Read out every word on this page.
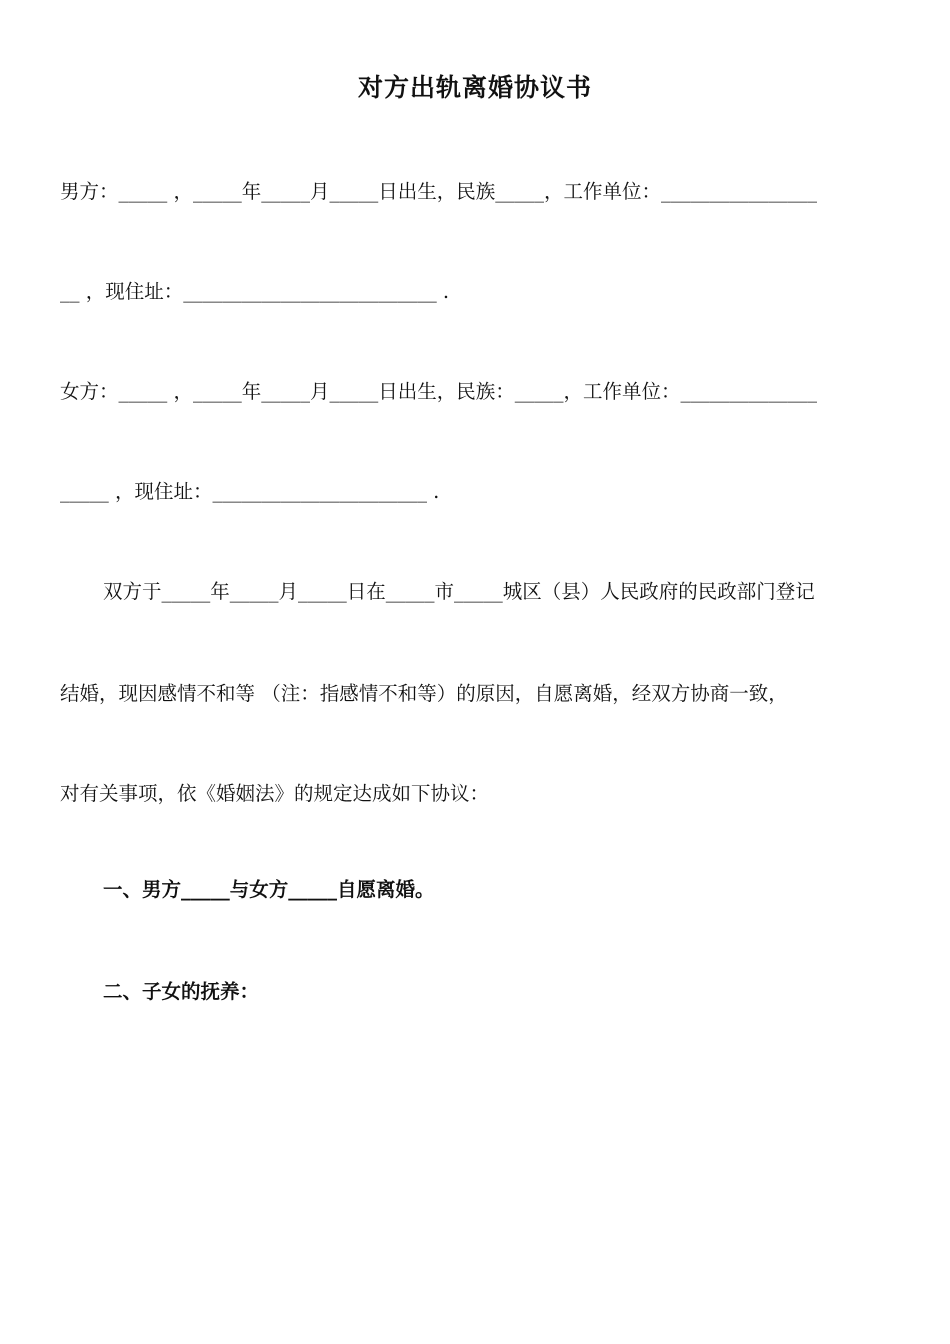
对方出轨离婚协议书
男方：_____ ，_____年_____月_____日出生，民族_____，工作单位：________________
__ ，现住址：__________________________ .
女方：_____ ，_____年_____月_____日出生，民族：_____，工作单位：______________
_____ ，现住址：______________________ .
双方于_____年_____月_____日在_____市_____城区（县）人民政府的民政部门登记
结婚，现因感情不和等 （注：指感情不和等）的原因，自愿离婚，经双方协商一致，
对有关事项，依《婚姻法》的规定达成如下协议：
一、男方_____与女方_____自愿离婚。
二、子女的抚养：
